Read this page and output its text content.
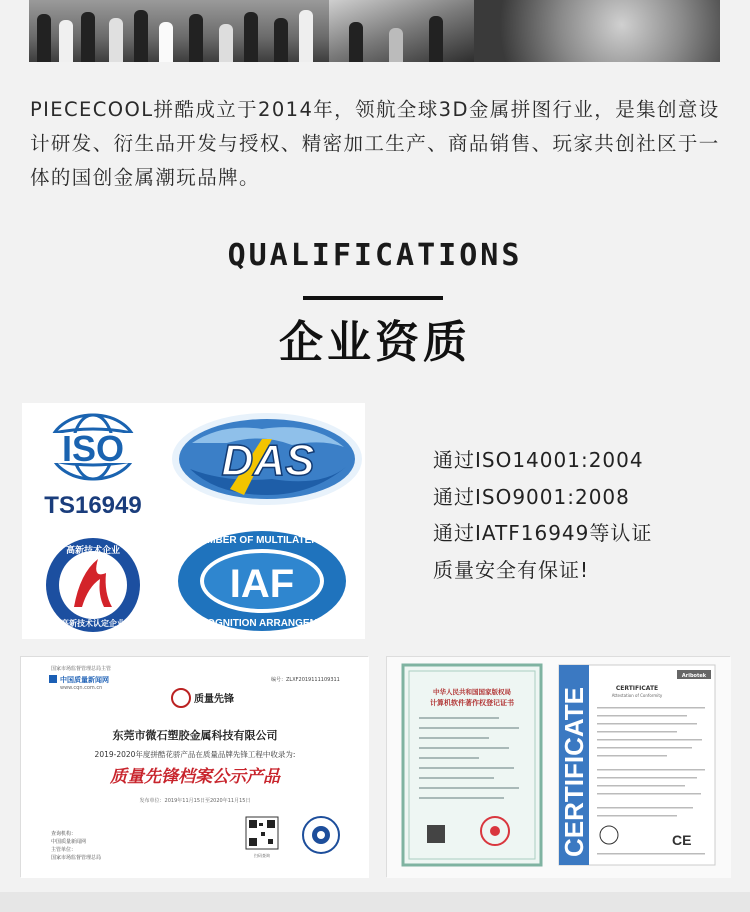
PIECECOOL拼酷成立于2014年，领航全球3D金属拼图行业，是集创意设计研发、衍生品开发与授权、精密加工生产、商品销售、玩家共创社区于一体的国创金属潮玩品牌。

QUALIFICATIONS
企业资质
ISO
TS16949
DAS
高新技术企业
高新技术认定企业
IAF
MEMBER OF MULTILATERAL
RECOGNITION ARRANGEMENT
通过ISO14001:2004
通过ISO9001:2008
通过IATF16949等认证
质量安全有保证!
国家市场监督管理总局主管
中国质量新闻网
www.cqn.com.cn
编号：ZLXF2019111109311
质量先锋
东莞市微石塑胶金属科技有限公司
2019-2020年度拼酷花骄产品在质量品牌先锋工程中收录为:
质量先锋档案公示产品
发布单位：2019年11月15日至2020年11月15日
查询机构：
中国质量新闻网
主管单位：
国家市场监督管理总局	扫码查询
中华人民共和国国家版权局
计算机软件著作权登记证书 CERTIFICATE
Aribotek
CERTIFICATE
Attestation of Conformity
CE
